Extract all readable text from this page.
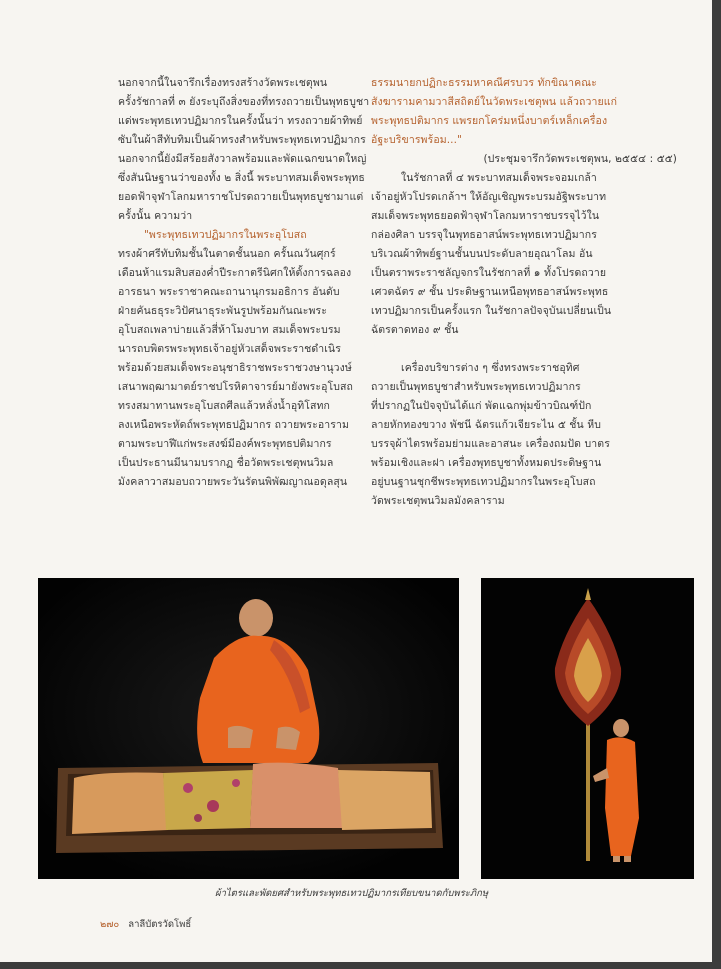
นอกจากนี้ในจารึกเรื่องทรงสร้างวัดพระเชตุพน
ครั้งรัชกาลที่ ๓ ยังระบุถึงสิ่งของที่ทรงถวายเป็นพุทธบูชา
แด่พระพุทธเทวปฏิมากรในครั้งนั้นว่า ทรงถวายผ้าทิพย์
ซับในผ้าสีทับทิมเป็นผ้าทรงสำหรับพระพุทธเทวปฏิมากร
นอกจากนี้ยังมีสร้อยสังวาลพร้อมและพัดแฉกขนาดใหญ่
ซึ่งสันนิษฐานว่าของทั้ง ๒ สิ่งนี้ พระบาทสมเด็จพระพุทธ
ยอดฟ้าจุฬาโลกมหาราชโปรดถวายเป็นพุทธบูชามาแต่
ครั้งนั้น ความว่า
"พระพุทธเทวปฏิมากรในพระอุโบสถ
ทรงผ้าศรีทับทิมชั้นในตาดชั้นนอก ครั้นณวันศุกร์
เดือนห้าแรมสิบสองค่ำปีระกาตรีนิศกให้ตั้งการฉลอง
อารธนา พระราชาคณะถานานุกรมอธิการ อันดับ
ฝ่ายคันธธุระวิปัศนาธุระพันรูปพร้อมกันณะพระ
อุโบสถเพลาบ่ายแล้วสี่ห้าโมงบาท สมเด็จพระบรม
นารถบพิตรพระพุทธเจ้าอยู่หัวเสด็จพระราชดำเนิร
พร้อมด้วยสมเด็จพระอนุชาธิราชพระราชวงษานุวงษ์
เสนาพฤฒามาตย์ราชปโรหิตาจารย์มายังพระอุโบสถ
ทรงสมาทานพระอุโบสถศีลแล้วหลั่งน้ำอุทิโสทก
ลงเหนือพระหัดถ์พระพุทธปฏิมากร ถวายพระอาราม
ตามพระบาฬีแก่พระสงฆ์มีองค์พระพุทธปติมากร
เป็นประธานมีนามบรากฏ ชื่อวัดพระเชตุพนวิมล
มังคลาวาสมอบถวายพระวันรัตนพิพัฒญาณอดุลสุน
ธรรมนายกปฏิกะธรรมหาคณีศรบวร ทักขิณาคณะ
สังฆารามคามวาสีสถิตย์ในวัดพระเชตุพน แล้วถวายแก่
พระพุทธปติมากร แพรยกโคร่มหนึ่งบาตร์เหล็กเครื่อง
อัฐะบริขารพร้อม..."
(ประชุมจารึกวัดพระเชตุพน, ๒๕๕๔ : ๕๕)
ในรัชกาลที่ ๔ พระบาทสมเด็จพระจอมเกล้า
เจ้าอยู่หัวโปรดเกล้าฯ ให้อัญเชิญพระบรมอัฐิพระบาท
สมเด็จพระพุทธยอดฟ้าจุฬาโลกมหาราชบรรจุไว้ใน
กล่องศิลา บรรจุในพุทธอาสน์พระพุทธเทวปฏิมากร
บริเวณผ้าทิพย์ฐานชั้นบนประดับลายอุณาโลม อัน
เป็นตราพระราชลัญจกรในรัชกาลที่ ๑ ทั้งโปรดถวาย
เศวตฉัตร ๙ ชั้น ประดิษฐานเหนือพุทธอาสน์พระพุทธ
เทวปฏิมากรเป็นครั้งแรก ในรัชกาลปัจจุบันเปลี่ยนเป็น
ฉัตรตาดทอง ๙ ชั้น
เครื่องบริขารต่าง ๆ ซึ่งทรงพระราชอุทิศ
ถวายเป็นพุทธบูชาสำหรับพระพุทธเทวปฏิมากร
ที่ปรากฏในปัจจุบันได้แก่ พัดแฉกพุ่มข้าวบิณฑ์ปัก
ลายหักทองขวาง พัชนี ฉัตรแก้วเจียระไน ๕ ชั้น หีบ
บรรจุผ้าไตรพร้อมย่ามและอาสนะ เครื่องถมปัด บาตร
พร้อมเชิงและฝา เครื่องพุทธบูชาทั้งหมดประดิษฐาน
อยู่บนฐานชุกชีพระพุทธเทวปฏิมากรในพระอุโบสถ
วัดพระเชตุพนวิมลมังคลาราม
ผ้าไตรและพัดยศสำหรับพระพุทธเทวปฏิมากรเทียบขนาดกับพระภิกษุ
๒๗๐ ลาลีบัตรวัดโพธิ์
